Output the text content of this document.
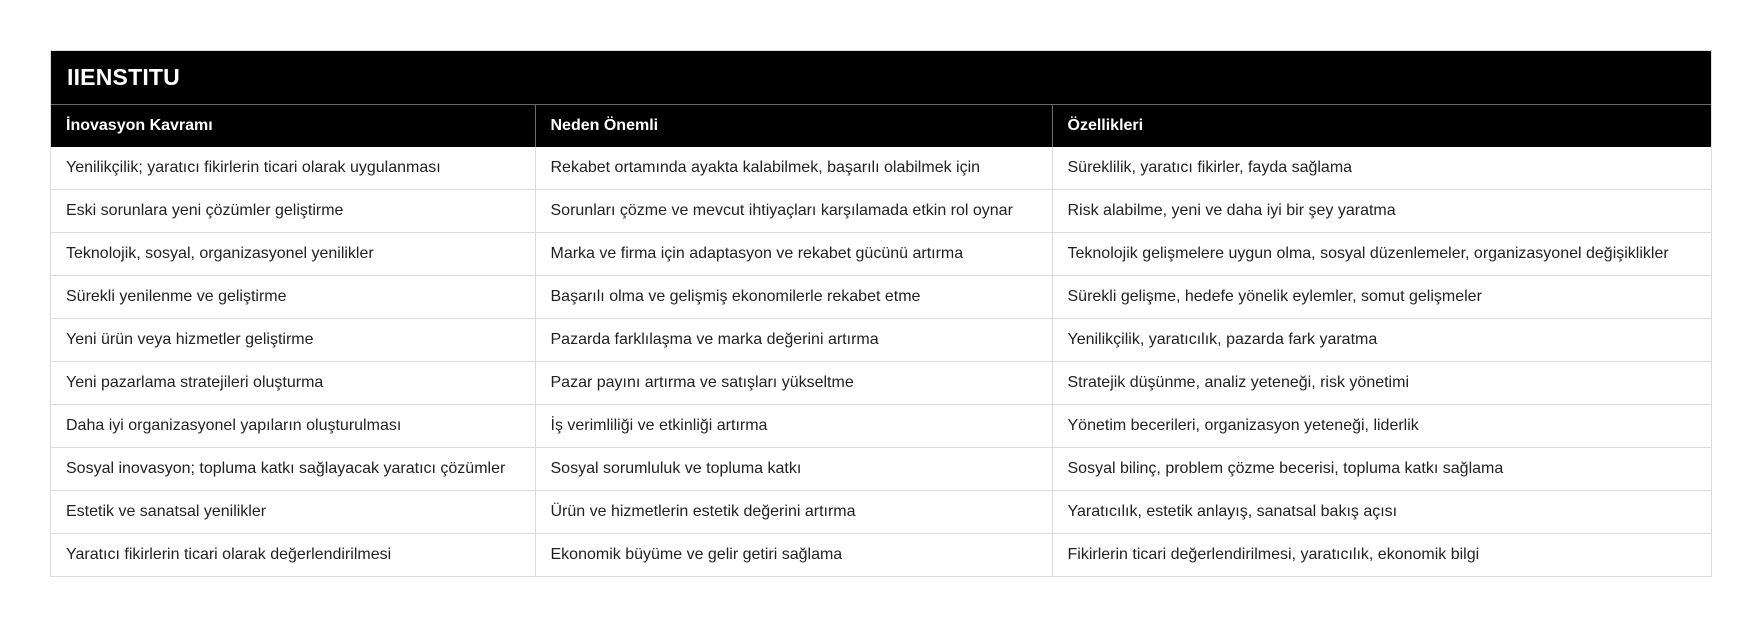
IIENSTITU
İnovasyon Kavramı	Neden Önemli	Özellikleri
Yenilikçilik; yaratıcı fikirlerin ticari olarak uygulanması	Rekabet ortamında ayakta kalabilmek, başarılı olabilmek için	Süreklilik, yaratıcı fikirler, fayda sağlama
Eski sorunlara yeni çözümler geliştirme	Sorunları çözme ve mevcut ihtiyaçları karşılamada etkin rol oynar	Risk alabilme, yeni ve daha iyi bir şey yaratma
Teknolojik, sosyal, organizasyonel yenilikler	Marka ve firma için adaptasyon ve rekabet gücünü artırma	Teknolojik gelişmelere uygun olma, sosyal düzenlemeler, organizasyonel değişiklikler
Sürekli yenilenme ve geliştirme	Başarılı olma ve gelişmiş ekonomilerle rekabet etme	Sürekli gelişme, hedefe yönelik eylemler, somut gelişmeler
Yeni ürün veya hizmetler geliştirme	Pazarda farklılaşma ve marka değerini artırma	Yenilikçilik, yaratıcılık, pazarda fark yaratma
Yeni pazarlama stratejileri oluşturma	Pazar payını artırma ve satışları yükseltme	Stratejik düşünme, analiz yeteneği, risk yönetimi
Daha iyi organizasyonel yapıların oluşturulması	İş verimliliği ve etkinliği artırma	Yönetim becerileri, organizasyon yeteneği, liderlik
Sosyal inovasyon; topluma katkı sağlayacak yaratıcı çözümler	Sosyal sorumluluk ve topluma katkı	Sosyal bilinç, problem çözme becerisi, topluma katkı sağlama
Estetik ve sanatsal yenilikler	Ürün ve hizmetlerin estetik değerini artırma	Yaratıcılık, estetik anlayış, sanatsal bakış açısı
Yaratıcı fikirlerin ticari olarak değerlendirilmesi	Ekonomik büyüme ve gelir getiri sağlama	Fikirlerin ticari değerlendirilmesi, yaratıcılık, ekonomik bilgi
